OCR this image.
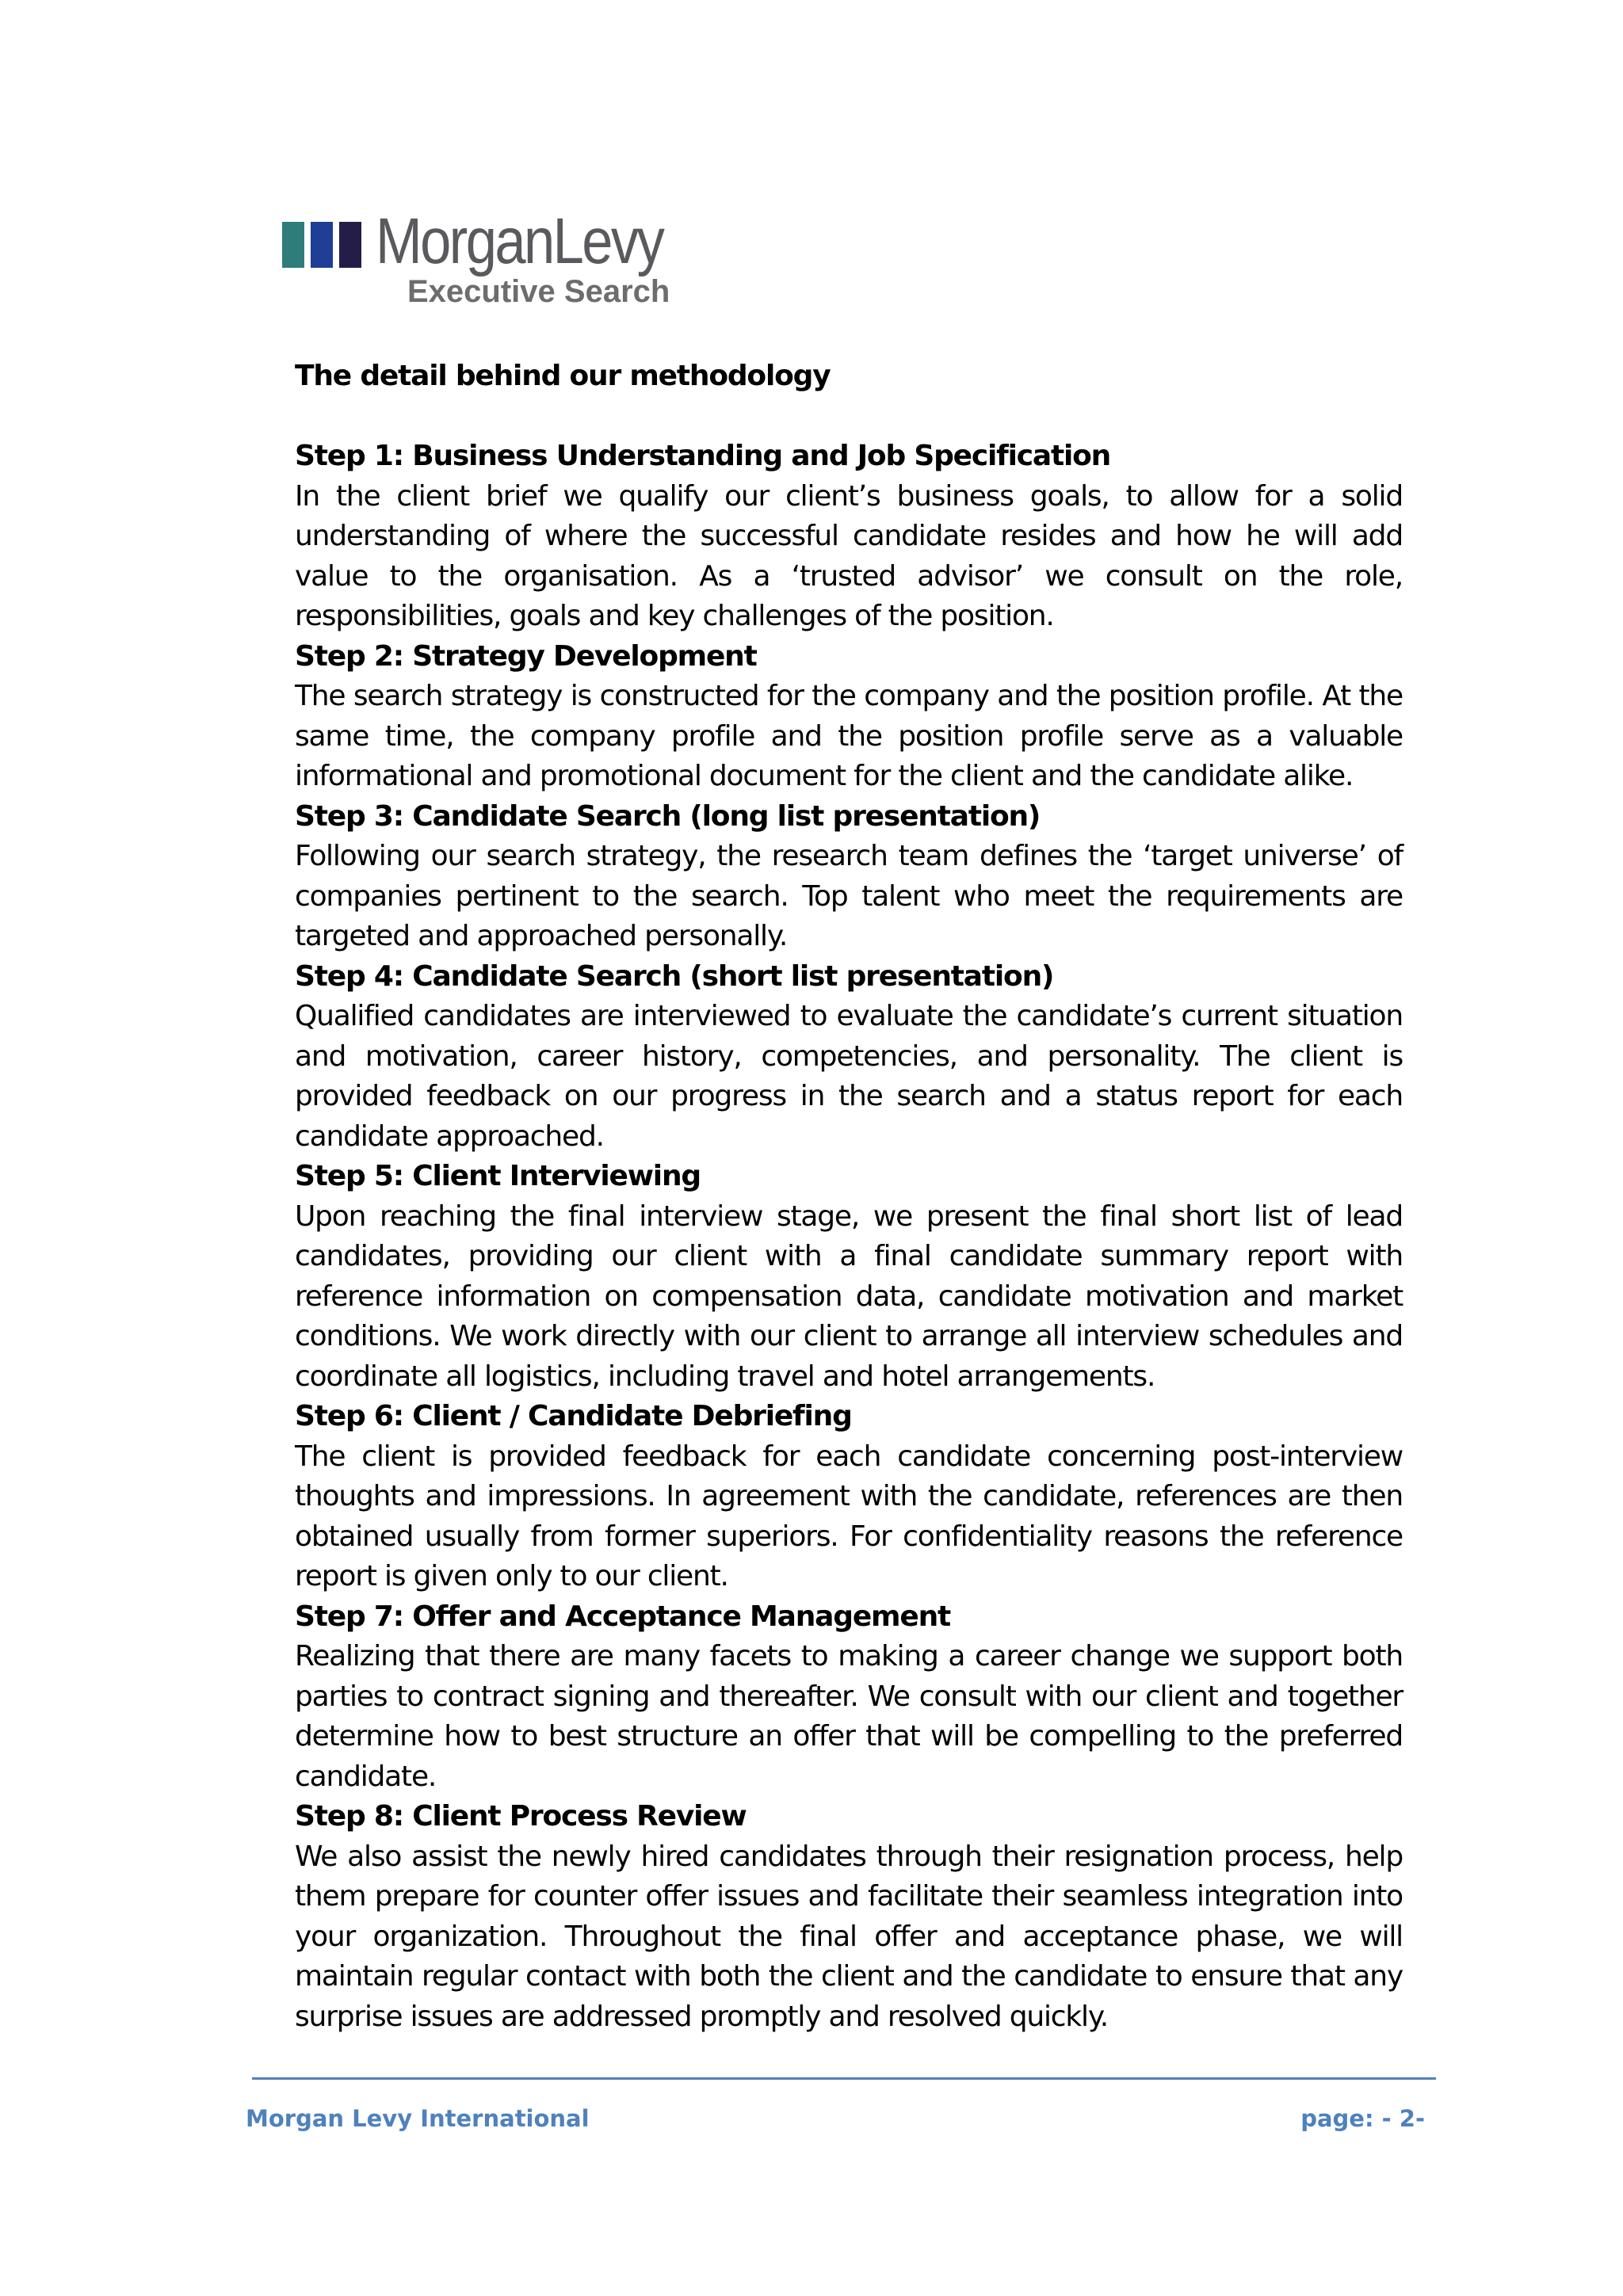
MorganLevy
Executive Search

The detail behind our methodology

Step 1: Business Understanding and Job Specification

In the client brief we qualify our client’s business goals, to allow for a solid understanding of where the successful candidate resides and how he will add value to the organisation. As a ‘trusted advisor’ we consult on the role, responsibilities, goals and key challenges of the position.

Step 2: Strategy Development

The search strategy is constructed for the company and the position profile. At the same time, the company profile and the position profile serve as a valuable informational and promotional document for the client and the candidate alike.

Step 3: Candidate Search (long list presentation)

Following our search strategy, the research team defines the ‘target universe’ of companies pertinent to the search. Top talent who meet the requirements are targeted and approached personally.

Step 4: Candidate Search (short list presentation)

Qualified candidates are interviewed to evaluate the candidate’s current situation and motivation, career history, competencies, and personality. The client is provided feedback on our progress in the search and a status report for each candidate approached.

Step 5: Client Interviewing

Upon reaching the final interview stage, we present the final short list of lead candidates, providing our client with a final candidate summary report with reference information on compensation data, candidate motivation and market conditions. We work directly with our client to arrange all interview schedules and coordinate all logistics, including travel and hotel arrangements.

Step 6: Client / Candidate Debriefing

The client is provided feedback for each candidate concerning post-interview thoughts and impressions. In agreement with the candidate, references are then obtained usually from former superiors. For confidentiality reasons the reference report is given only to our client.

Step 7: Offer and Acceptance Management

Realizing that there are many facets to making a career change we support both parties to contract signing and thereafter. We consult with our client and together determine how to best structure an offer that will be compelling to the preferred candidate.

Step 8: Client Process Review

We also assist the newly hired candidates through their resignation process, help them prepare for counter offer issues and facilitate their seamless integration into your organization. Throughout the final offer and acceptance phase, we will maintain regular contact with both the client and the candidate to ensure that any surprise issues are addressed promptly and resolved quickly.

Morgan Levy International	page: - 2-
